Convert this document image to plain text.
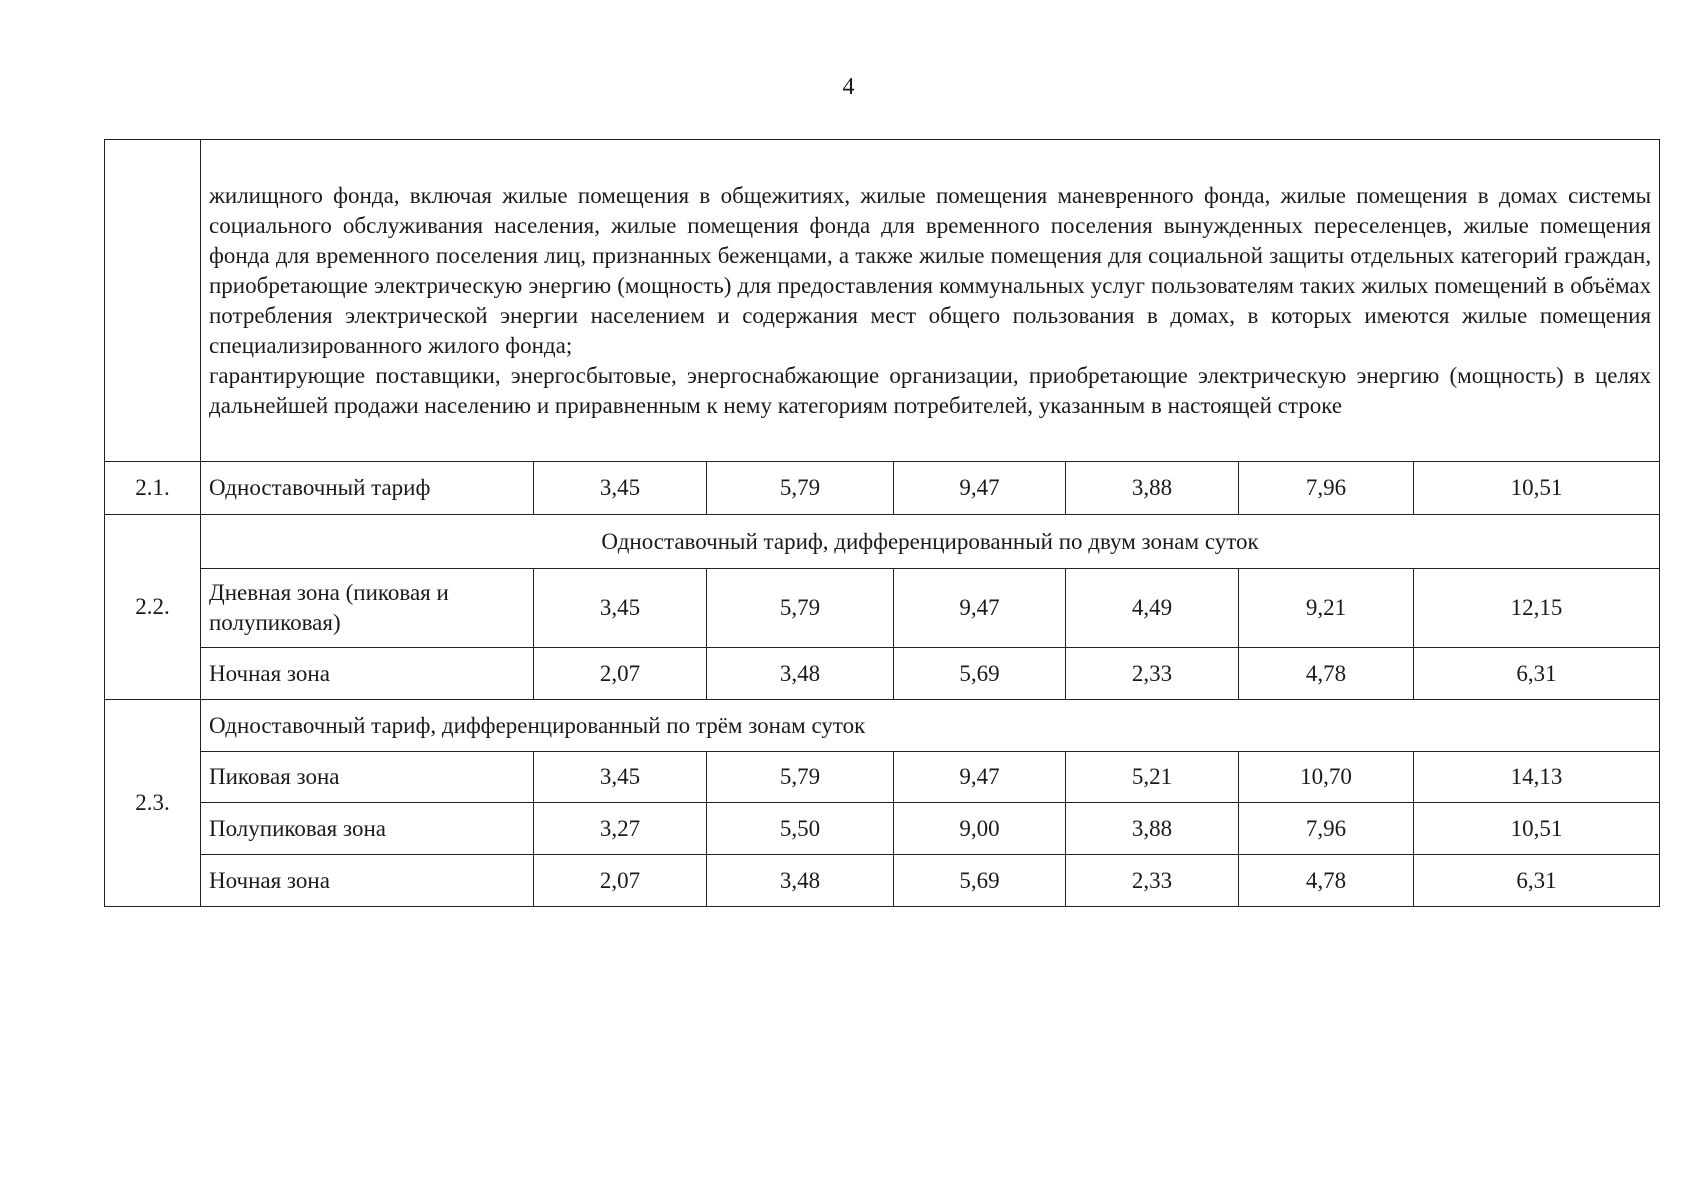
4

	жилищного фонда, включая жилые помещения в общежитиях, жилые помещения маневренного фонда, жилые помещения в домах системы социального обслуживания населения, жилые помещения фонда для временного поселения вынужденных переселенцев, жилые помещения фонда для временного поселения лиц, признанных беженцами, а также жилые помещения для социальной защиты отдельных категорий граждан, приобретающие электрическую энергию (мощность) для предоставления коммунальных услуг пользователям таких жилых помещений в объёмах потребления электрической энергии населением и содержания мест общего пользования в домах, в которых имеются жилые помещения специализированного жилого фонда;

гарантирующие поставщики, энергосбытовые, энергоснабжающие организации, приобретающие электрическую энергию (мощность) в целях дальнейшей продажи населению и приравненным к нему категориям потребителей, указанным в настоящей строке						

2.1.	Одноставочный тариф	3,45	5,79	9,47	3,88	7,96	10,51
2.2.	Одноставочный тариф, дифференцированный по двум зонам суток						
	Дневная зона (пиковая и полупиковая)	3,45	5,79	9,47	4,49	9,21	12,15
	Ночная зона	2,07	3,48	5,69	2,33	4,78	6,31
2.3.	Одноставочный тариф, дифференцированный по трём зонам суток						
	Пиковая зона	3,45	5,79	9,47	5,21	10,70	14,13
	Полупиковая зона	3,27	5,50	9,00	3,88	7,96	10,51
	Ночная зона	2,07	3,48	5,69	2,33	4,78	6,31
